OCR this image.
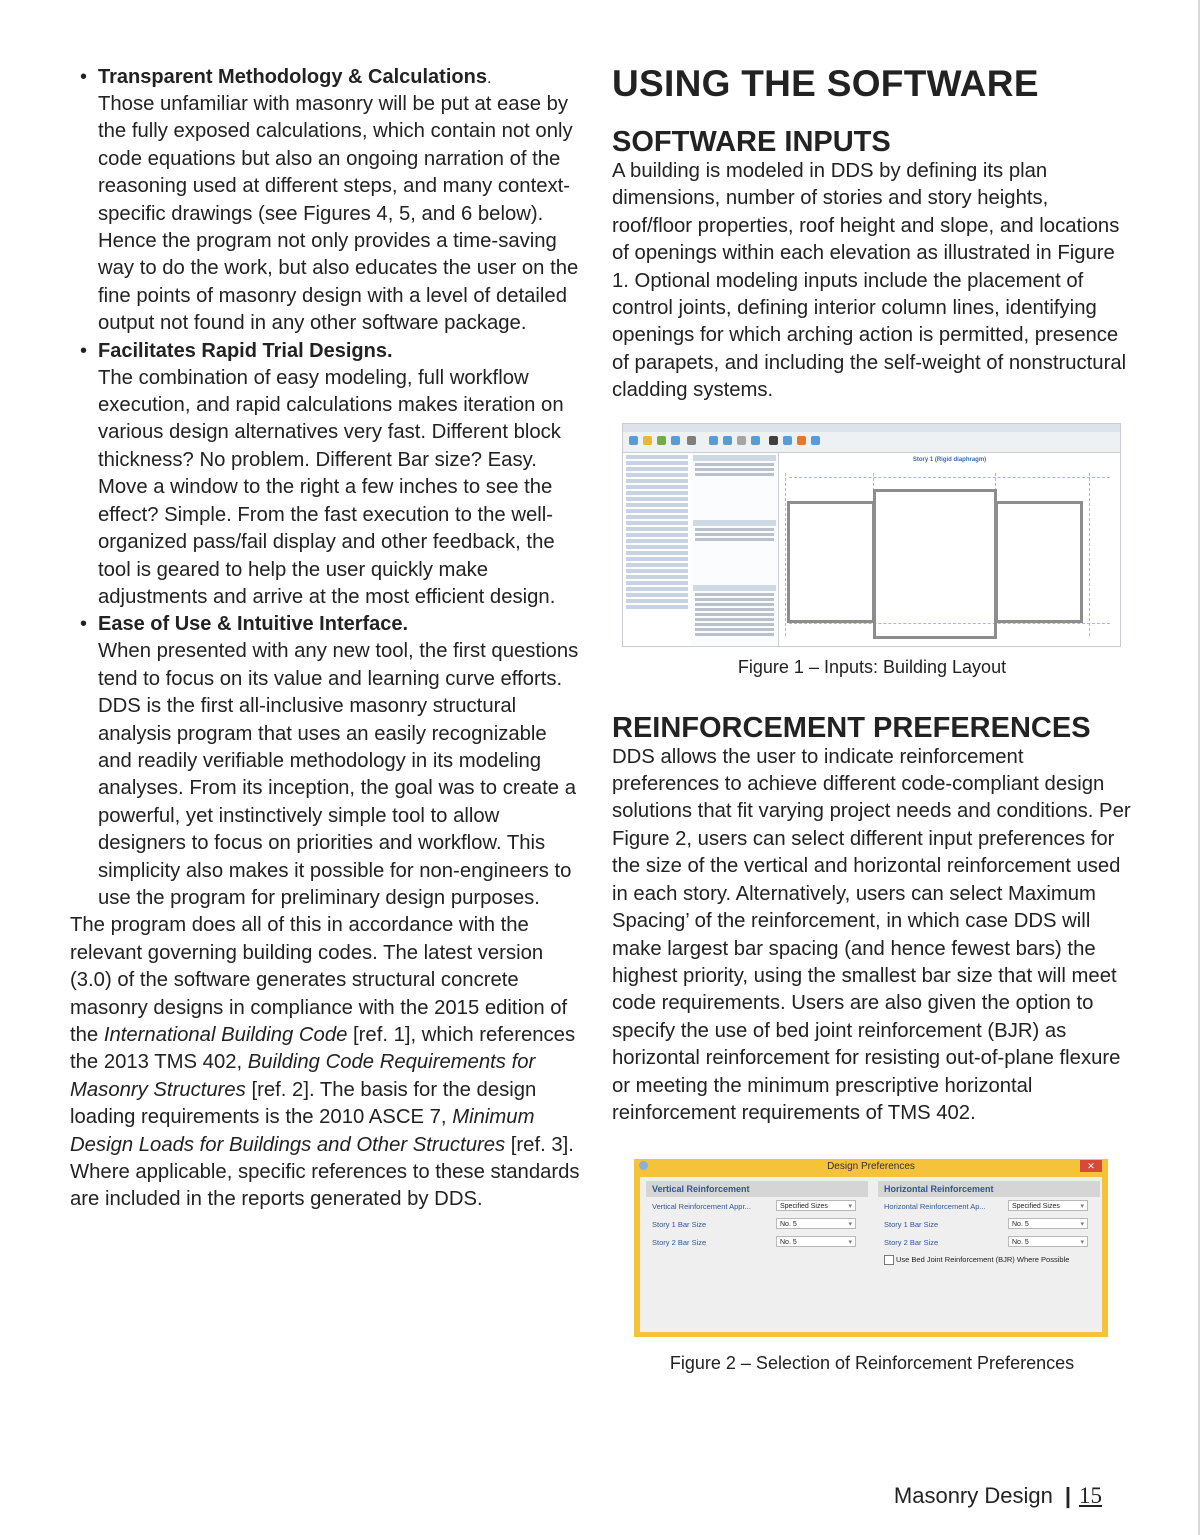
• Transparent Methodology & Calculations.
Those unfamiliar with masonry will be put at ease by the fully exposed calculations, which contain not only code equations but also an ongoing narration of the reasoning used at different steps, and many context-specific drawings (see Figures 4, 5, and 6 below). Hence the program not only provides a time-saving way to do the work, but also educates the user on the fine points of masonry design with a level of detailed output not found in any other software package.
• Facilitates Rapid Trial Designs.
The combination of easy modeling, full workflow execution, and rapid calculations makes iteration on various design alternatives very fast. Different block thickness? No problem. Different Bar size? Easy. Move a window to the right a few inches to see the effect? Simple. From the fast execution to the well-organized pass/fail display and other feedback, the tool is geared to help the user quickly make adjustments and arrive at the most efficient design.
• Ease of Use & Intuitive Interface.
When presented with any new tool, the first questions tend to focus on its value and learning curve efforts. DDS is the first all-inclusive masonry structural analysis program that uses an easily recognizable and readily verifiable methodology in its modeling analyses. From its inception, the goal was to create a powerful, yet instinctively simple tool to allow designers to focus on priorities and workflow. This simplicity also makes it possible for non-engineers to use the program for preliminary design purposes.

The program does all of this in accordance with the relevant governing building codes. The latest version (3.0) of the software generates structural concrete masonry designs in compliance with the 2015 edition of the International Building Code [ref. 1], which references the 2013 TMS 402, Building Code Requirements for Masonry Structures [ref. 2]. The basis for the design loading requirements is the 2010 ASCE 7, Minimum Design Loads for Buildings and Other Structures [ref. 3]. Where applicable, specific references to these standards are included in the reports generated by DDS.

USING THE SOFTWARE
SOFTWARE INPUTS

A building is modeled in DDS by defining its plan dimensions, number of stories and story heights, roof/floor properties, roof height and slope, and locations of openings within each elevation as illustrated in Figure 1. Optional modeling inputs include the placement of control joints, defining interior column lines, identifying openings for which arching action is permitted, presence of parapets, and including the self-weight of nonstructural cladding systems.

Story 1 (Rigid diaphragm)
Figure 1 – Inputs: Building Layout
REINFORCEMENT PREFERENCES

DDS allows the user to indicate reinforcement preferences to achieve different code-compliant design solutions that fit varying project needs and conditions. Per Figure 2, users can select different input preferences for the size of the vertical and horizontal reinforcement used in each story. Alternatively, users can select Maximum Spacing’ of the reinforcement, in which case DDS will make largest bar spacing (and hence fewest bars) the highest priority, using the smallest bar size that will meet code requirements. Users are also given the option to specify the use of bed joint reinforcement (BJR) as horizontal reinforcement for resisting out-of-plane flexure or meeting the minimum prescriptive horizontal reinforcement requirements of TMS 402.

Design Preferences	✕
Vertical Reinforcement
Vertical Reinforcement Appr...	Specified Sizes ▾
Story 1 Bar Size	No. 5 ▾
Story 2 Bar Size	No. 5 ▾
Horizontal Reinforcement
Horizontal Reinforcement Ap...	Specified Sizes ▾
Story 1 Bar Size	No. 5 ▾
Story 2 Bar Size	No. 5 ▾
Use Bed Joint Reinforcement (BJR) Where Possible
Figure 2 – Selection of Reinforcement Preferences
Masonry Design | 15
